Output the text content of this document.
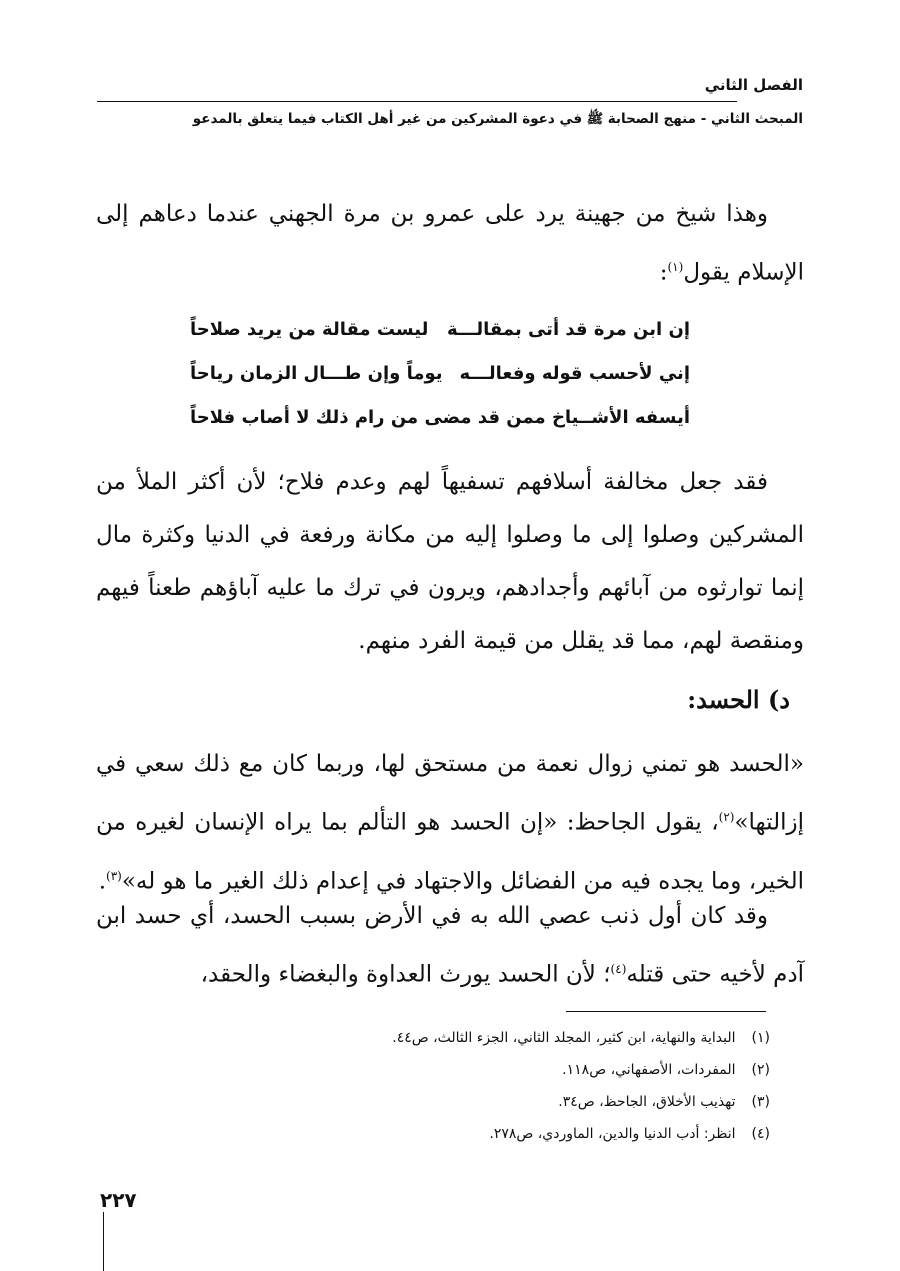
الفصل الثاني
المبحث الثاني - منهج الصحابة ﷺ في دعوة المشركين من غير أهل الكتاب فيما يتعلق بالمدعو
وهذا شيخ من جهينة يرد على عمرو بن مرة الجهني عندما دعاهم إلى الإسلام يقول$^{(١)}$:
إن ابن مرة قد أتى بمقالـــة
ليست مقالة من يريد صلاحاً
إني لأحسب قوله وفعالـــه
يوماً وإن طـــال الزمان رياحاً
أيسفه الأشــياخ ممن قد مضى
من رام ذلك لا أصاب فلاحاً
فقد جعل مخالفة أسلافهم تسفيهاً لهم وعدم فلاح؛ لأن أكثر الملأ من المشركين وصلوا إلى ما وصلوا إليه من مكانة ورفعة في الدنيا وكثرة مال إنما توارثوه من آبائهم وأجدادهم، ويرون في ترك ما عليه آباؤهم طعناً فيهم ومنقصة لهم، مما قد يقلل من قيمة الفرد منهم.
د) الحسد:
«الحسد هو تمني زوال نعمة من مستحق لها، وربما كان مع ذلك سعي في إزالتها»$^{(٢)}$، يقول الجاحظ: «إن الحسد هو التألم بما يراه الإنسان لغيره من الخير، وما يجده فيه من الفضائل والاجتهاد في إعدام ذلك الغير ما هو له»$^{(٣)}$.
وقد كان أول ذنب عصي الله به في الأرض بسبب الحسد، أي حسد ابن آدم لأخيه حتى قتله$^{(٤)}$؛ لأن الحسد يورث العداوة والبغضاء والحقد،
(١) البداية والنهاية، ابن كثير، المجلد الثاني، الجزء الثالث، ص٤٤.
(٢) المفردات، الأصفهاني، ص١١٨.
(٣) تهذيب الأخلاق، الجاحظ، ص٣٤.
(٤) انظر: أدب الدنيا والدين، الماوردي، ص٢٧٨.
٢٢٧
